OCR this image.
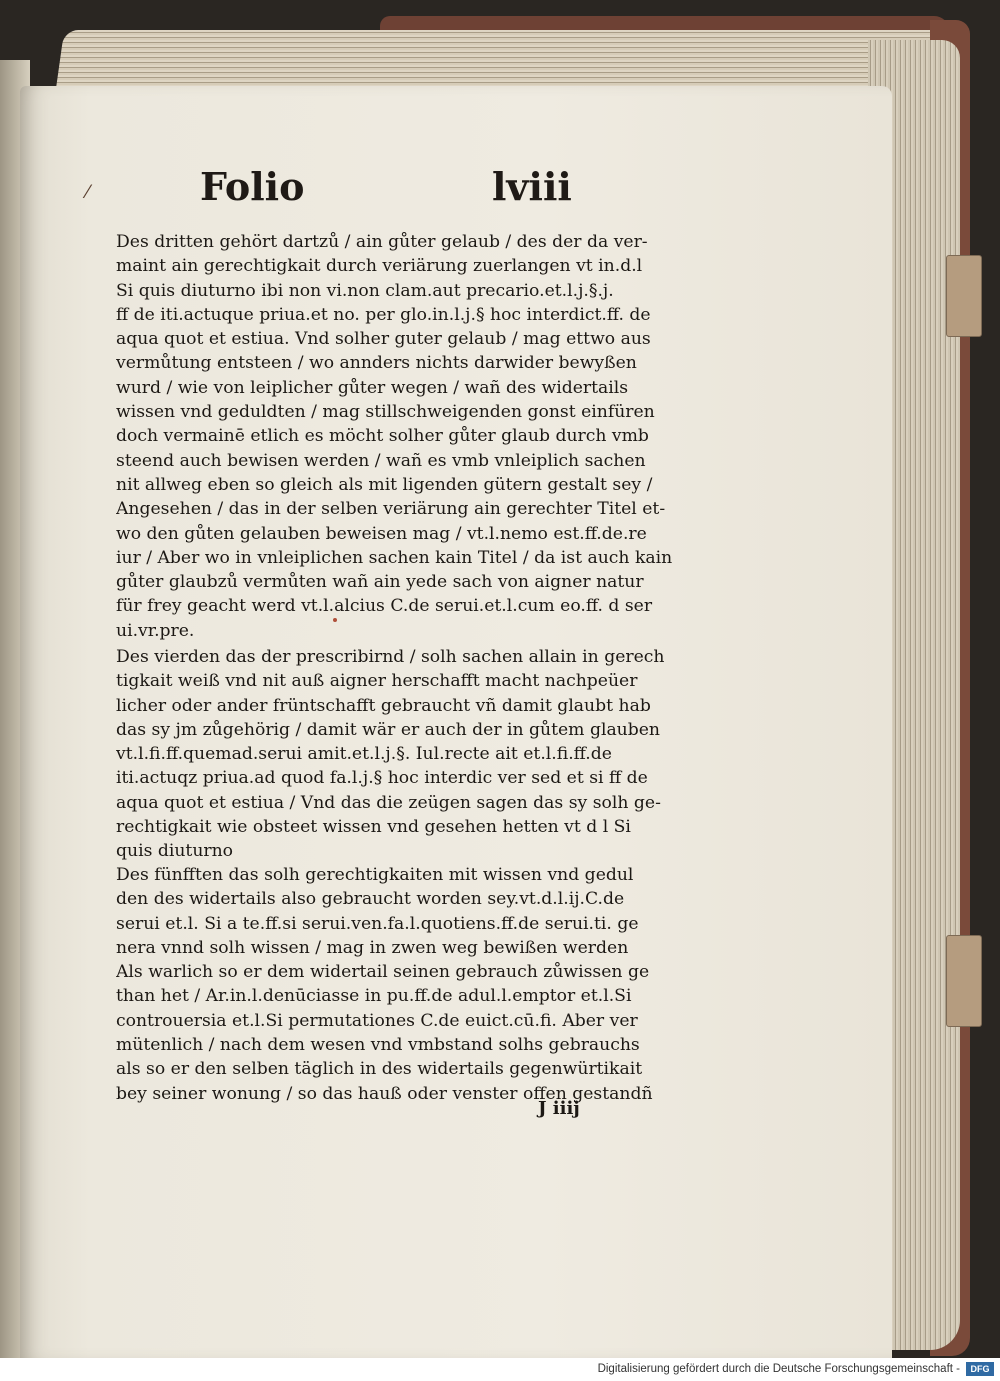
⁄	Folio	lviii
Des dritten gehört dartzů / ain gůter gelaub / des der da ver-
maint ain gerechtigkait durch veriärung zuerlangen vt in.d.l
Si quis diuturno ibi non vi.non clam.aut precario.et.l.j.§.j.
ff de iti.actuque priua.et no. per glo.in.l.j.§ hoc interdict.ff. de
aqua quot et estiua. Vnd solher guter gelaub / mag ettwo aus
vermůtung entsteen / wo annders nichts darwider bewyßen
wurd / wie von leiplicher gůter wegen / wañ des widertails
wissen vnd geduldten / mag stillschweigenden gonst einfüren
doch vermainē etlich es möcht solher gůter glaub durch vmb
steend auch bewisen werden / wañ es vmb vnleiplich sachen
nit allweg eben so gleich als mit ligenden gütern gestalt sey /
Angesehen / das in der selben veriärung ain gerechter Titel et-
wo den gůten gelauben beweisen mag / vt.l.nemo est.ff.de.re
iur / Aber wo in vnleiplichen sachen kain Titel / da ist auch kain
gůter glaubzů vermůten wañ ain yede sach von aigner natur
für frey geacht werd vt.l.alcius C.de serui.et.l.cum eo.ff. d ser
ui.vr.pre.
Des vierden das der prescribirnd / solh sachen allain in gerech
tigkait weiß vnd nit auß aigner herschafft macht nachpeüer
licher oder ander früntschafft gebraucht vñ damit glaubt hab
das sy jm zůgehörig / damit wär er auch der in gůtem glauben
vt.l.fi.ff.quemad.serui amit.et.l.j.§. Iul.recte ait et.l.fi.ff.de
iti.actuqz priua.ad quod fa.l.j.§ hoc interdic ver sed et si ff de
aqua quot et estiua / Vnd das die zeügen sagen das sy solh ge-
rechtigkait wie obsteet wissen vnd gesehen hetten vt d l Si
quis diuturno
Des fünfften das solh gerechtigkaiten mit wissen vnd gedul
den des widertails also gebraucht worden sey.vt.d.l.ij.C.de
serui et.l. Si a te.ff.si serui.ven.fa.l.quotiens.ff.de serui.ti. ge
nera vnnd solh wissen / mag in zwen weg bewißen werden
Als warlich so er dem widertail seinen gebrauch zůwissen ge
than het / Ar.in.l.denūciasse in pu.ff.de adul.l.emptor et.l.Si
controuersia et.l.Si permutationes C.de euict.cū.fi. Aber ver
mütenlich / nach dem wesen vnd vmbstand solhs gebrauchs
als so er den selben täglich in des widertails gegenwürtikait
bey seiner wonung / so das hauß oder venster offen gestandñ
J iiij
Digitalisierung gefördert durch die Deutsche Forschungsgemeinschaft -	DFG
